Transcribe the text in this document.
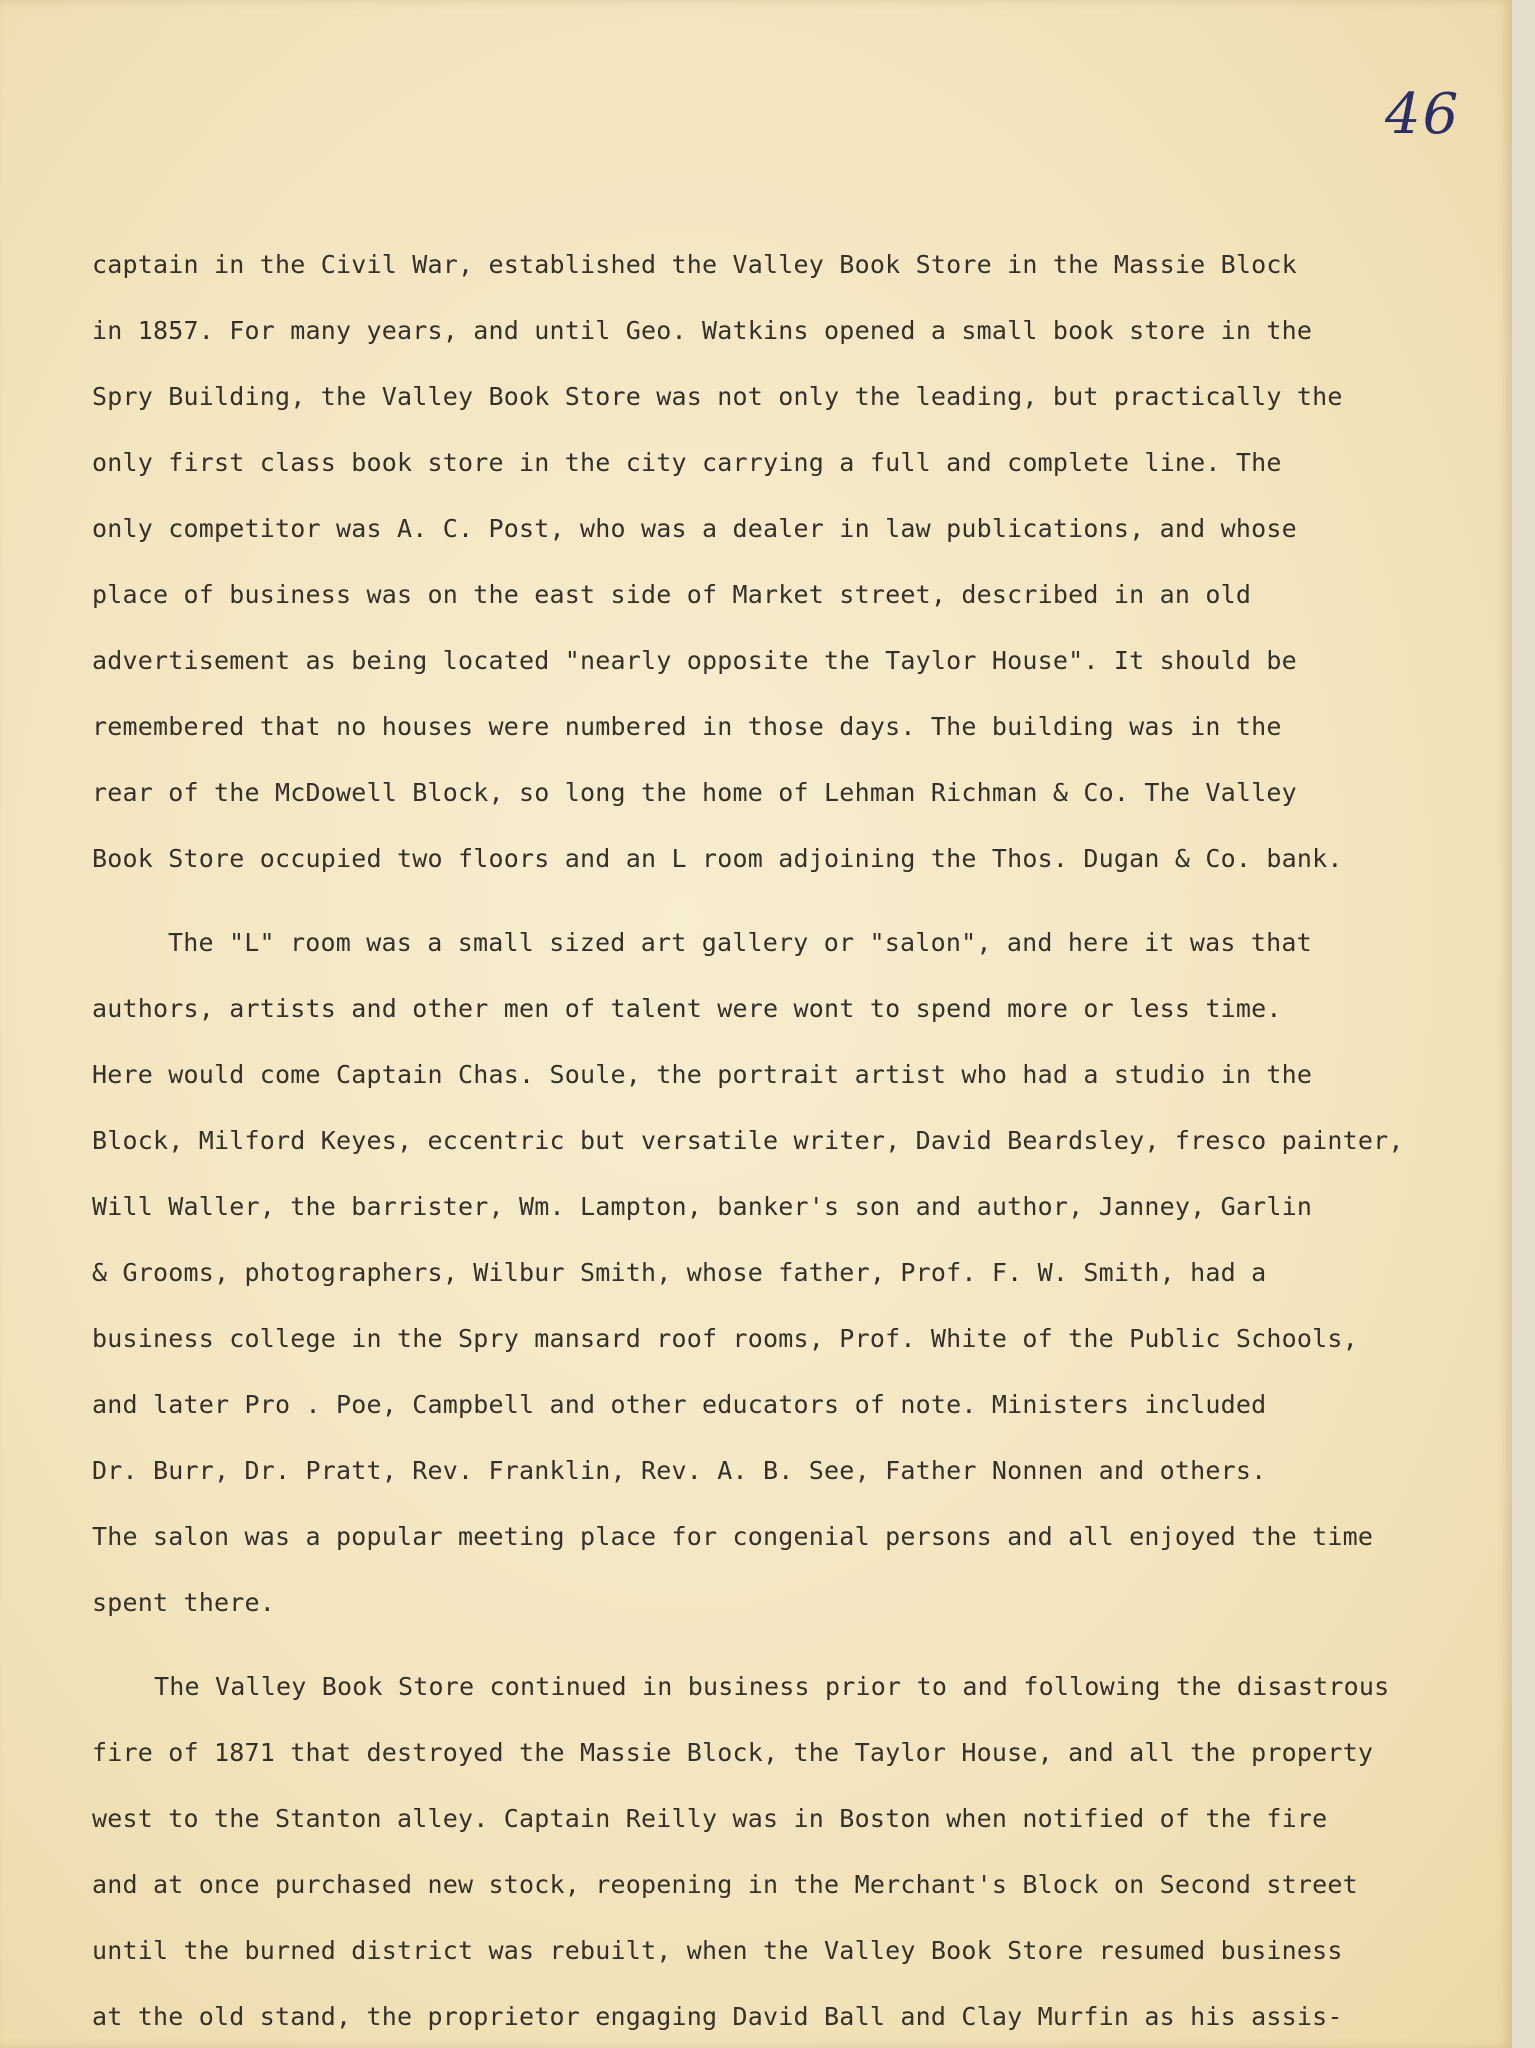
46
captain in the Civil War, established the Valley Book Store in the Massie Block
in 1857. For many years, and until Geo. Watkins opened a small book store in the
Spry Building, the Valley Book Store was not only the leading, but practically the
only first class book store in the city carrying a full and complete line. The
only competitor was A. C. Post, who was a dealer in law publications, and whose
place of business was on the east side of Market street, described in an old
advertisement as being located "nearly opposite the Taylor House". It should be
remembered that no houses were numbered in those days. The building was in the
rear of the McDowell Block, so long the home of Lehman Richman & Co. The Valley
Book Store occupied two floors and an L room adjoining the Thos. Dugan & Co. bank.
The "L" room was a small sized art gallery or "salon", and here it was that
authors, artists and other men of talent were wont to spend more or less time.
Here would come Captain Chas. Soule, the portrait artist who had a studio in the
Block, Milford Keyes, eccentric but versatile writer, David Beardsley, fresco painter,
Will Waller, the barrister, Wm. Lampton, banker's son and author, Janney, Garlin
& Grooms, photographers, Wilbur Smith, whose father, Prof. F. W. Smith, had a
business college in the Spry mansard roof rooms, Prof. White of the Public Schools,
and later Pro . Poe, Campbell and other educators of note. Ministers included
Dr. Burr, Dr. Pratt, Rev. Franklin, Rev. A. B. See, Father Nonnen and others.
The salon was a popular meeting place for congenial persons and all enjoyed the time
spent there.
The Valley Book Store continued in business prior to and following the disastrous
fire of 1871 that destroyed the Massie Block, the Taylor House, and all the property
west to the Stanton alley. Captain Reilly was in Boston when notified of the fire
and at once purchased new stock, reopening in the Merchant's Block on Second street
until the burned district was rebuilt, when the Valley Book Store resumed business
at the old stand, the proprietor engaging David Ball and Clay Murfin as his assis-
